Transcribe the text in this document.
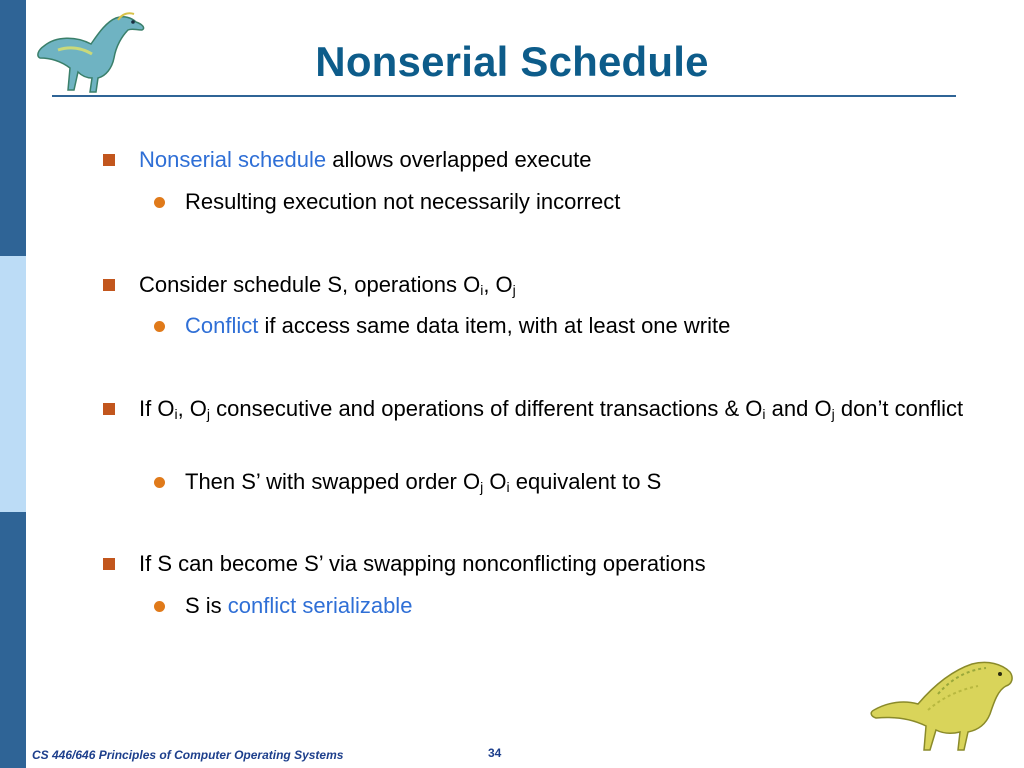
Nonserial Schedule
Nonserial schedule allows overlapped execute
Resulting execution not necessarily incorrect
Consider schedule S, operations $O_i$, $O_j$
Conflict if access same data item, with at least one write
If $O_i$, $O_j$ consecutive and operations of different transactions & $O_i$ and $O_j$ don’t conflict
Then S’ with swapped order $O_j$ $O_i$ equivalent to S
If S can become S’ via swapping nonconflicting operations
S is conflict serializable
CS 446/646 Principles of Computer Operating Systems	34
